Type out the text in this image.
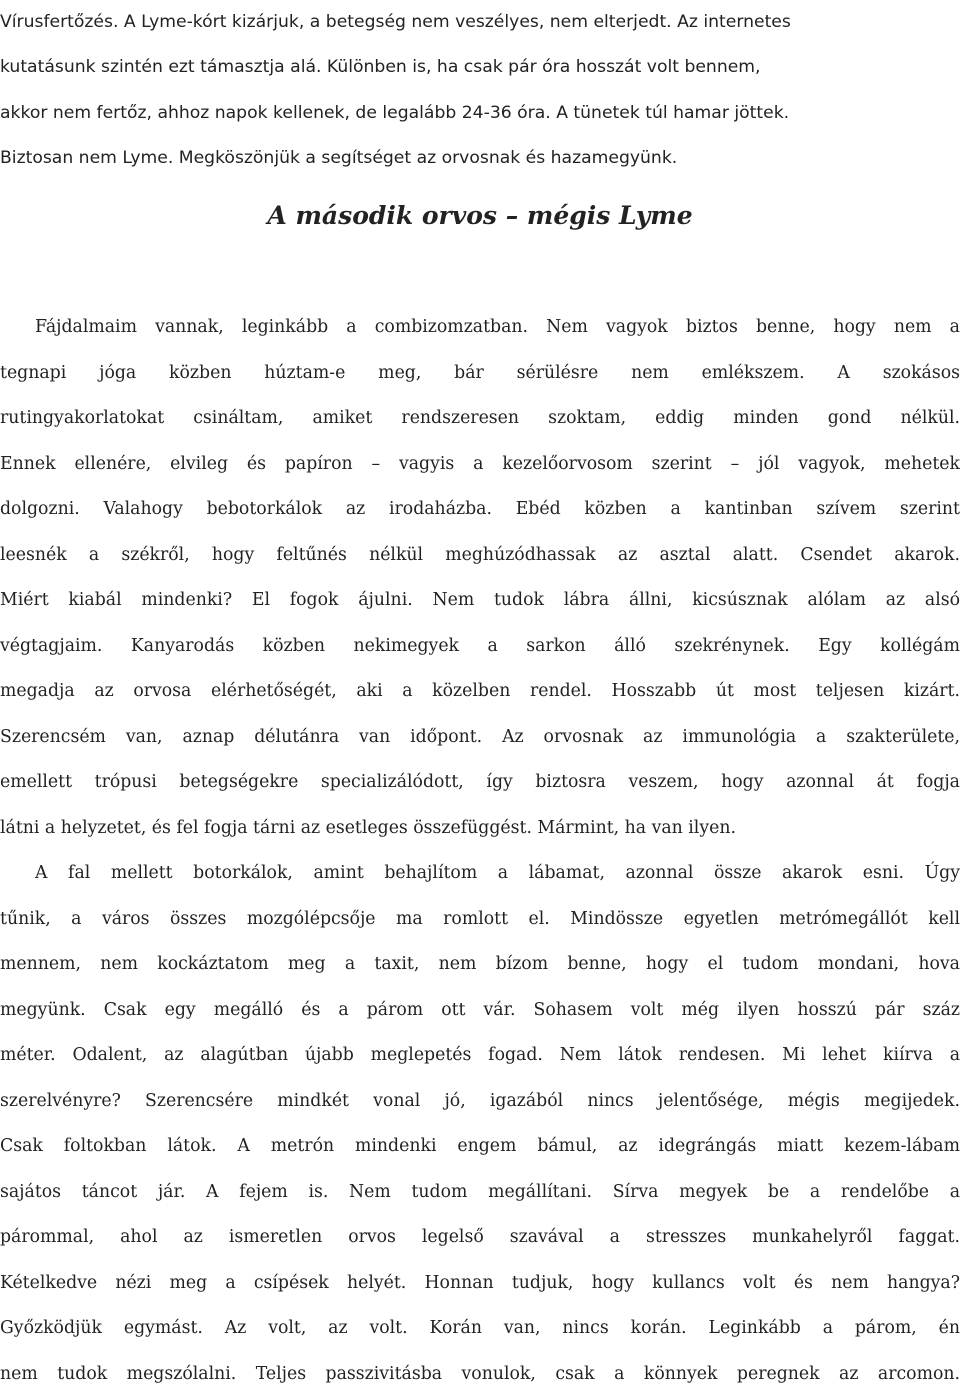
Vírusfertőzés. A Lyme-kórt kizárjuk, a betegség nem veszélyes, nem elterjedt. Az internetes
kutatásunk szintén ezt támasztja alá. Különben is, ha csak pár óra hosszát volt bennem,
akkor nem fertőz, ahhoz napok kellenek, de legalább 24-36 óra. A tünetek túl hamar jöttek.
Biztosan nem Lyme. Megköszönjük a segítséget az orvosnak és hazamegyünk.
A második orvos – mégis Lyme
Fájdalmaim vannak, leginkább a combizomzatban. Nem vagyok biztos benne, hogy nem a
tegnapi jóga közben húztam-e meg, bár sérülésre nem emlékszem. A szokásos
rutingyakorlatokat csináltam, amiket rendszeresen szoktam, eddig minden gond nélkül.
Ennek ellenére, elvileg és papíron – vagyis a kezelőorvosom szerint – jól vagyok, mehetek
dolgozni. Valahogy bebotorkálok az irodaházba. Ebéd közben a kantinban szívem szerint
leesnék a székről, hogy feltűnés nélkül meghúzódhassak az asztal alatt. Csendet akarok.
Miért kiabál mindenki? El fogok ájulni. Nem tudok lábra állni, kicsúsznak alólam az alsó
végtagjaim. Kanyarodás közben nekimegyek a sarkon álló szekrénynek. Egy kollégám
megadja az orvosa elérhetőségét, aki a közelben rendel. Hosszabb út most teljesen kizárt.
Szerencsém van, aznap délutánra van időpont. Az orvosnak az immunológia a szakterülete,
emellett trópusi betegségekre specializálódott, így biztosra veszem, hogy azonnal át fogja
látni a helyzetet, és fel fogja tárni az esetleges összefüggést. Mármint, ha van ilyen.
A fal mellett botorkálok, amint behajlítom a lábamat, azonnal össze akarok esni. Úgy
tűnik, a város összes mozgólépcsője ma romlott el. Mindössze egyetlen metrómegállót kell
mennem, nem kockáztatom meg a taxit, nem bízom benne, hogy el tudom mondani, hova
megyünk. Csak egy megálló és a párom ott vár. Sohasem volt még ilyen hosszú pár száz
méter. Odalent, az alagútban újabb meglepetés fogad. Nem látok rendesen. Mi lehet kiírva a
szerelvényre? Szerencsére mindkét vonal jó, igazából nincs jelentősége, mégis megijedek.
Csak foltokban látok. A metrón mindenki engem bámul, az idegrángás miatt kezem-lábam
sajátos táncot jár. A fejem is. Nem tudom megállítani. Sírva megyek be a rendelőbe a
párommal, ahol az ismeretlen orvos legelső szavával a stresszes munkahelyről faggat.
Kételkedve nézi meg a csípések helyét. Honnan tudjuk, hogy kullancs volt és nem hangya?
Győzködjük egymást. Az volt, az volt. Korán van, nincs korán. Leginkább a párom, én
nem tudok megszólalni. Teljes passzivitásba vonulok, csak a könnyek peregnek az arcomon.
